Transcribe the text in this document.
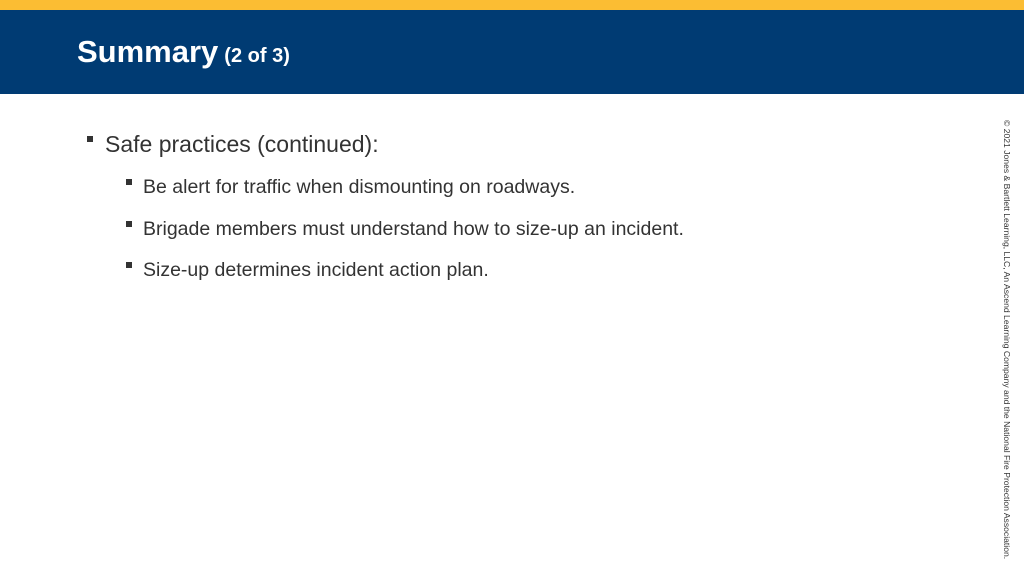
Summary (2 of 3)
Safe practices (continued):
Be alert for traffic when dismounting on roadways.
Brigade members must understand how to size-up an incident.
Size-up determines incident action plan.	© 2021 Jones & Bartlett Learning, LLC, An Ascend Learning Company and the National Fire Protection Association.
